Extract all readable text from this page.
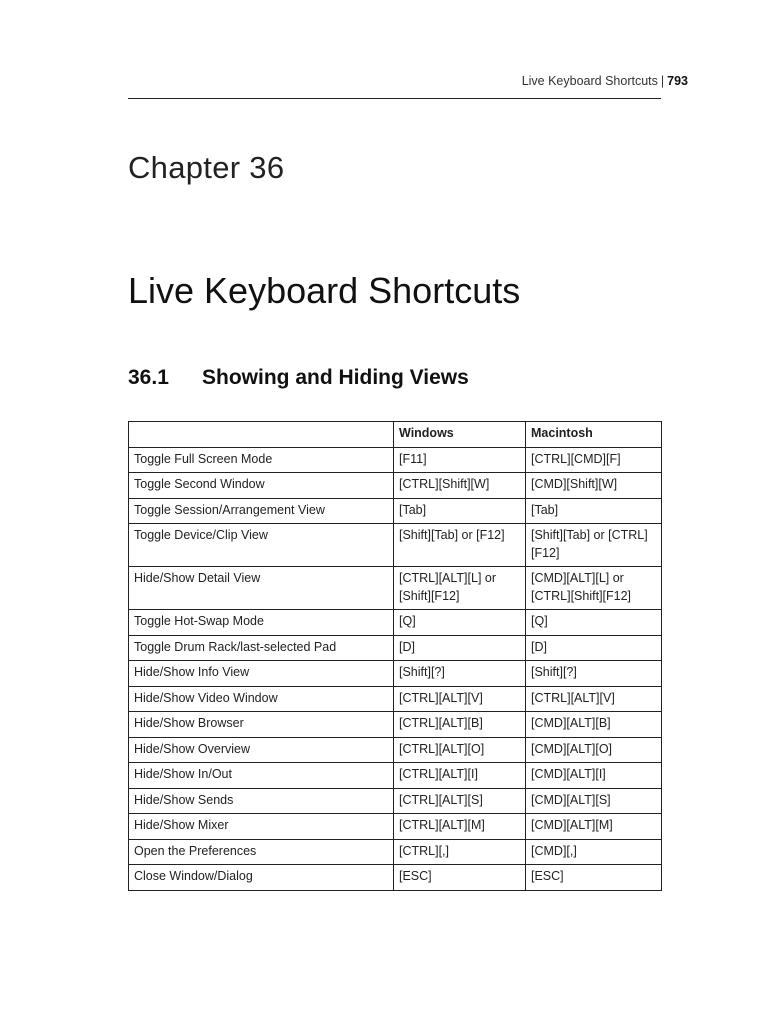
Live Keyboard Shortcuts | 793
Chapter 36
Live Keyboard Shortcuts
36.1	Showing and Hiding Views
	Windows	Macintosh
Toggle Full Screen Mode	[F11]	[CTRL][CMD][F]
Toggle Second Window	[CTRL][Shift][W]	[CMD][Shift][W]
Toggle Session/Arrangement View	[Tab]	[Tab]
Toggle Device/Clip View	[Shift][Tab] or [F12]	[Shift][Tab] or [CTRL][F12]
Hide/Show Detail View	[CTRL][ALT][L] or [Shift][F12]	[CMD][ALT][L] or [CTRL][Shift][F12]
Toggle Hot-Swap Mode	[Q]	[Q]
Toggle Drum Rack/last-selected Pad	[D]	[D]
Hide/Show Info View	[Shift][?]	[Shift][?]
Hide/Show Video Window	[CTRL][ALT][V]	[CTRL][ALT][V]
Hide/Show Browser	[CTRL][ALT][B]	[CMD][ALT][B]
Hide/Show Overview	[CTRL][ALT][O]	[CMD][ALT][O]
Hide/Show In/Out	[CTRL][ALT][I]	[CMD][ALT][I]
Hide/Show Sends	[CTRL][ALT][S]	[CMD][ALT][S]
Hide/Show Mixer	[CTRL][ALT][M]	[CMD][ALT][M]
Open the Preferences	[CTRL][,]	[CMD][,]
Close Window/Dialog	[ESC]	[ESC]
